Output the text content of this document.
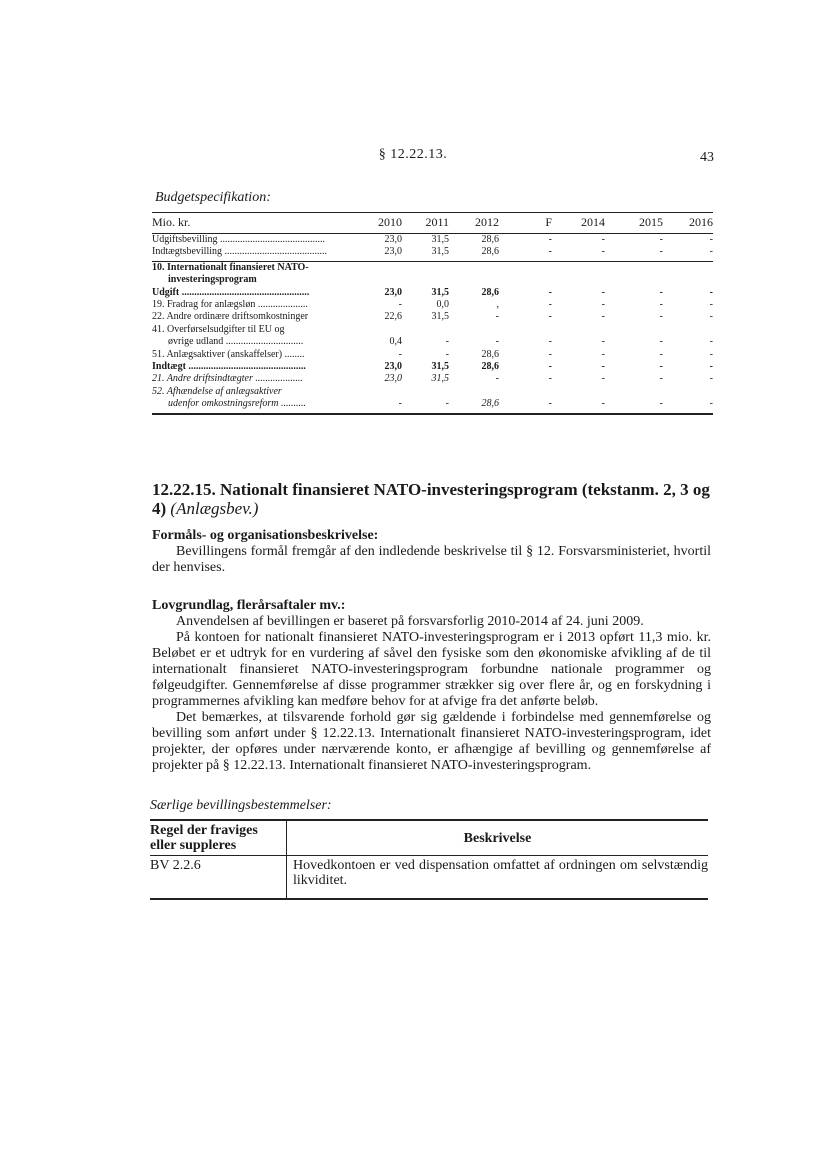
§ 12.22.13.	43
Budgetspecifikation:
Mio. kr.	2010	2011	2012	F	2014	2015	2016
Udgiftsbevilling ..........................................	23,0	31,5	28,6	-	-	-	-
Indtægtsbevilling .........................................	23,0	31,5	28,6	-	-	-	-
10. Internationalt finansieret NATO-
investeringsprogram
Udgift ...................................................	23,0	31,5	28,6	-	-	-	-
19. Fradrag for anlægsløn ....................	-	0,0	,	-	-	-	-
22. Andre ordinære driftsomkostninger	22,6	31,5	-	-	-	-	-
41. Overførselsudgifter til EU og
øvrige udland ...............................	0,4	-	-	-	-	-	-
51. Anlægsaktiver (anskaffelser) ........	-	-	28,6	-	-	-	-
Indtægt ...............................................	23,0	31,5	28,6	-	-	-	-
21. Andre driftsindtægter ...................	23,0	31,5	-	-	-	-	-
52. Afhændelse af anlægsaktiver
udenfor omkostningsreform ..........	-	-	28,6	-	-	-	-
12.22.15. Nationalt finansieret NATO-investeringsprogram (tekstanm. 2, 3 og 4) (Anlægsbev.)
Formåls- og organisationsbeskrivelse:
Bevillingens formål fremgår af den indledende beskrivelse til § 12. Forsvarsministeriet, hvortil der henvises.
Lovgrundlag, flerårsaftaler mv.:
Anvendelsen af bevillingen er baseret på forsvarsforlig 2010-2014 af 24. juni 2009.
På kontoen for nationalt finansieret NATO-investeringsprogram er i 2013 opført 11,3 mio. kr. Beløbet er et udtryk for en vurdering af såvel den fysiske som den økonomiske afvikling af de til internationalt finansieret NATO-investeringsprogram forbundne nationale programmer og følgeudgifter. Gennemførelse af disse programmer strækker sig over flere år, og en forskydning i programmernes afvikling kan medføre behov for at afvige fra det anførte beløb.
Det bemærkes, at tilsvarende forhold gør sig gældende i forbindelse med gennemførelse og bevilling som anført under § 12.22.13. Internationalt finansieret NATO-investeringsprogram, idet projekter, der opføres under nærværende konto, er afhængige af bevilling og gennemførelse af projekter på § 12.22.13. Internationalt finansieret NATO-investeringsprogram.
Særlige bevillingsbestemmelser:
Regel der fraviges eller suppleres	Beskrivelse
BV 2.2.6	Hovedkontoen er ved dispensation omfattet af ordningen om selvstændig likviditet.
